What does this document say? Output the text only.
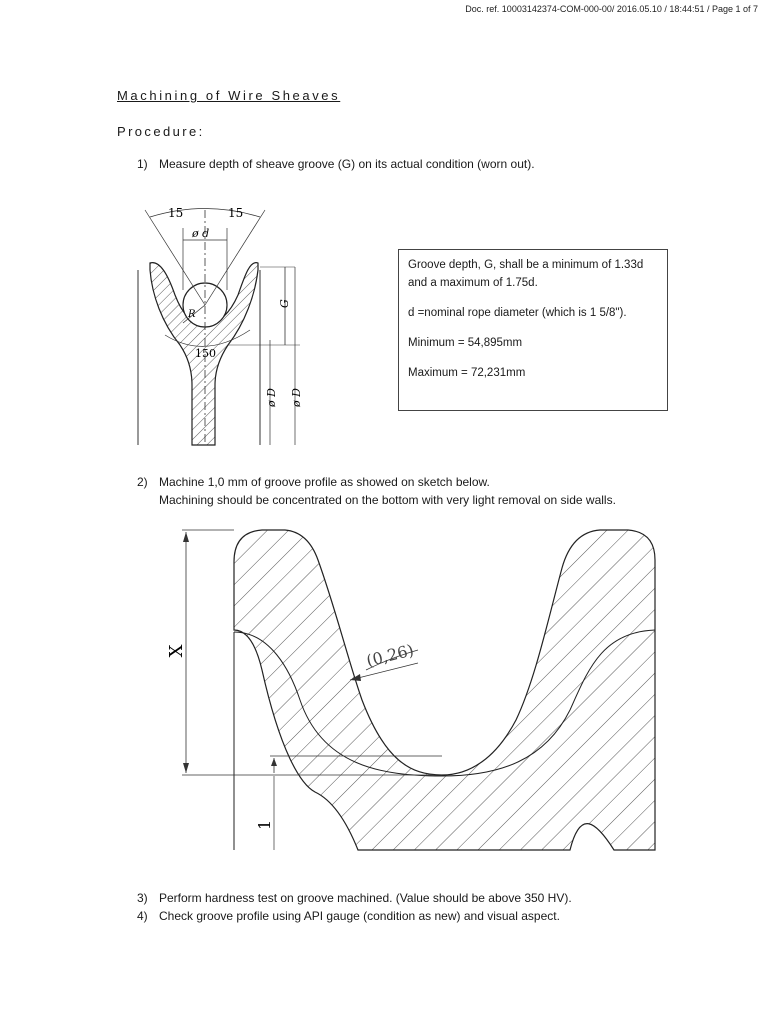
Doc. ref. 10003142374-COM-000-00/ 2016.05.10 / 18:44:51 / Page 1 of 7
Machining of Wire Sheaves
Procedure:
1) Measure depth of sheave groove (G) on its actual condition (worn out).
15	15
ø d
R
150
G
ø D ø D

Groove depth, G, shall be a minimum of 1.33d

and a maximum of 1.75d.

d =nominal rope diameter (which is 1 5/8").

Minimum = 54,895mm

Maximum = 72,231mm

2) Machine 1,0 mm of groove profile as showed on sketch below.
Machining should be concentrated on the bottom with very light removal on side walls.
X	(0,26)
1
3) Perform hardness test on groove machined. (Value should be above 350 HV).
4) Check groove profile using API gauge (condition as new) and visual aspect.
